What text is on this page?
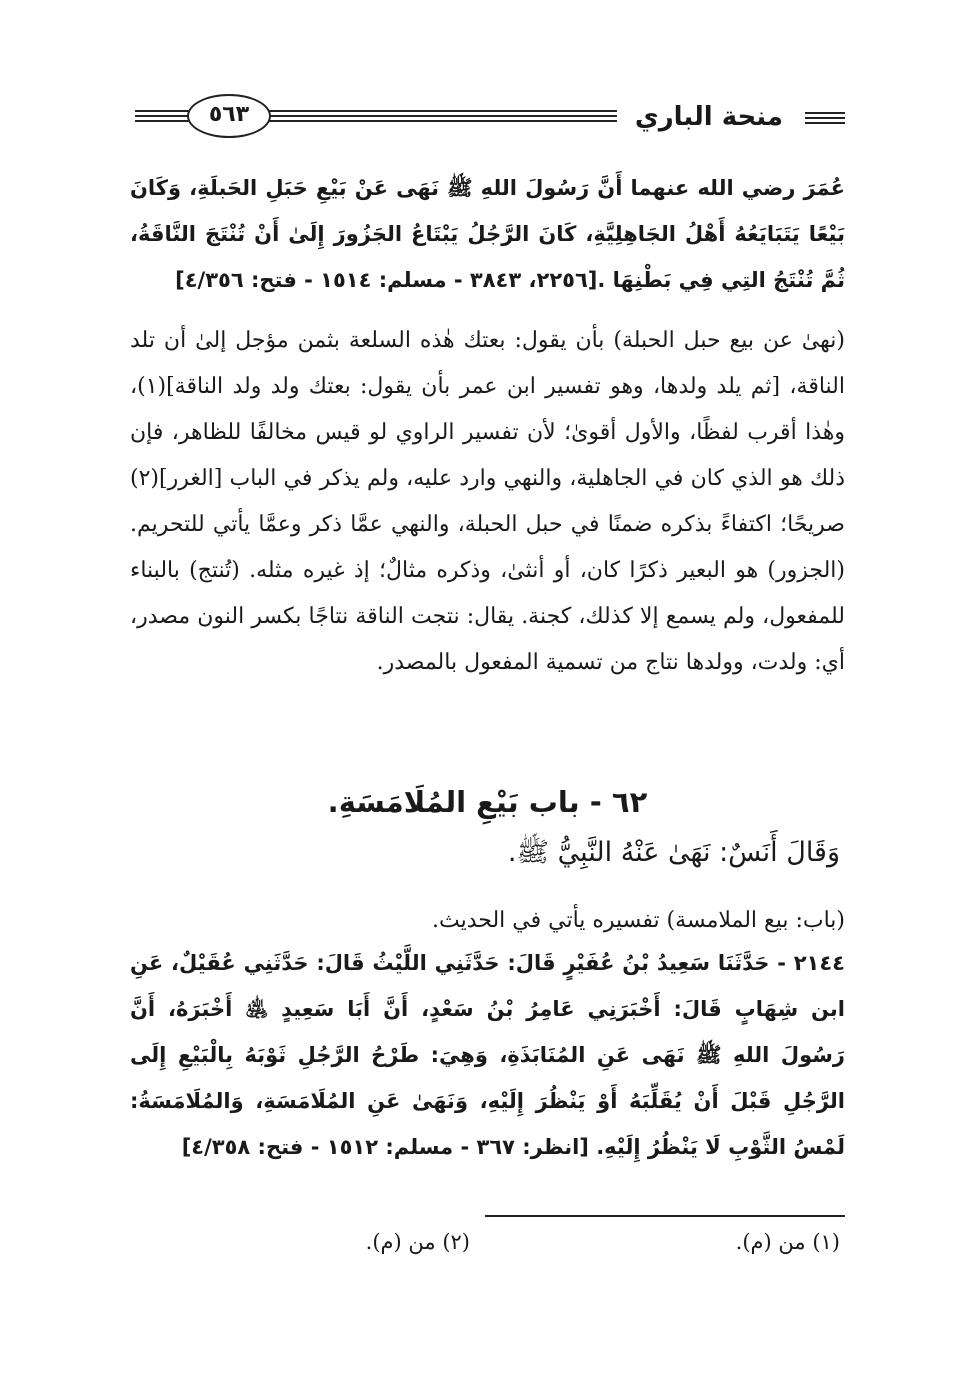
منحة الباري
٥٦٣
عُمَرَ رضي الله عنهما أَنَّ رَسُولَ اللهِ ﷺ نَهَى عَنْ بَيْعِ حَبَلِ الحَبلَةِ، وَكَانَ بَيْعًا يَتَبَايَعُهُ أَهْلُ الجَاهِلِيَّةِ، كَانَ الرَّجُلُ يَبْتَاعُ الجَزُورَ إِلَىٰ أَنْ تُنْتَجَ النَّاقَةُ، ثُمَّ تُنْتَجُ التِي فِي بَطْنِهَا .[٢٢٥٦، ٣٨٤٣ - مسلم: ١٥١٤ - فتح: ٤/٣٥٦]
(نهىٰ عن بيع حبل الحبلة) بأن يقول: بعتك هٰذه السلعة بثمن مؤجل إلىٰ أن تلد الناقة، [ثم يلد ولدها، وهو تفسير ابن عمر بأن يقول: بعتك ولد ولد الناقة](١)، وهٰذا أقرب لفظًا، والأول أقوىٰ؛ لأن تفسير الراوي لو قيس مخالفًا للظاهر، فإن ذلك هو الذي كان في الجاهلية، والنهي وارد عليه، ولم يذكر في الباب [الغرر](٢) صريحًا؛ اكتفاءً بذكره ضمنًا في حبل الحبلة، والنهي عمَّا ذكر وعمَّا يأتي للتحريم. (الجزور) هو البعير ذكرًا كان، أو أنثىٰ، وذكره مثالٌ؛ إذ غيره مثله. (تُنتج) بالبناء للمفعول، ولم يسمع إلا كذلك، كجنة. يقال: نتجت الناقة نتاجًا بكسر النون مصدر، أي: ولدت، وولدها نتاج من تسمية المفعول بالمصدر.
٦٢ - باب بَيْعِ المُلَامَسَةِ.
وَقَالَ أَنَسٌ: نَهَىٰ عَنْهُ النَّبِيُّ ﷺ.
(باب: بيع الملامسة) تفسيره يأتي في الحديث.
٢١٤٤ - حَدَّثَنَا سَعِيدُ بْنُ عُفَيْرٍ قَالَ: حَدَّثَنِي اللَّيْثُ قَالَ: حَدَّثَنِي عُقَيْلٌ، عَنِ ابن شِهَابٍ قَالَ: أَخْبَرَنِي عَامِرُ بْنُ سَعْدٍ، أَنَّ أَبَا سَعِيدٍ ﵁ أَخْبَرَهُ، أَنَّ رَسُولَ اللهِ ﷺ نَهَى عَنِ المُنَابَذَةِ، وَهِيَ: طَرْحُ الرَّجُلِ ثَوْبَهُ بِالْبَيْعِ إِلَى الرَّجُلِ قَبْلَ أَنْ يُقَلِّبَهُ أَوْ يَنْظُرَ إِلَيْهِ، وَنَهَىٰ عَنِ المُلَامَسَةِ، وَالمُلَامَسَةُ: لَمْسُ الثَّوْبِ لَا يَنْظُرُ إِلَيْهِ. [انظر: ٣٦٧ - مسلم: ١٥١٢ - فتح: ٤/٣٥٨]
(١) من (م).
(٢) من (م).
